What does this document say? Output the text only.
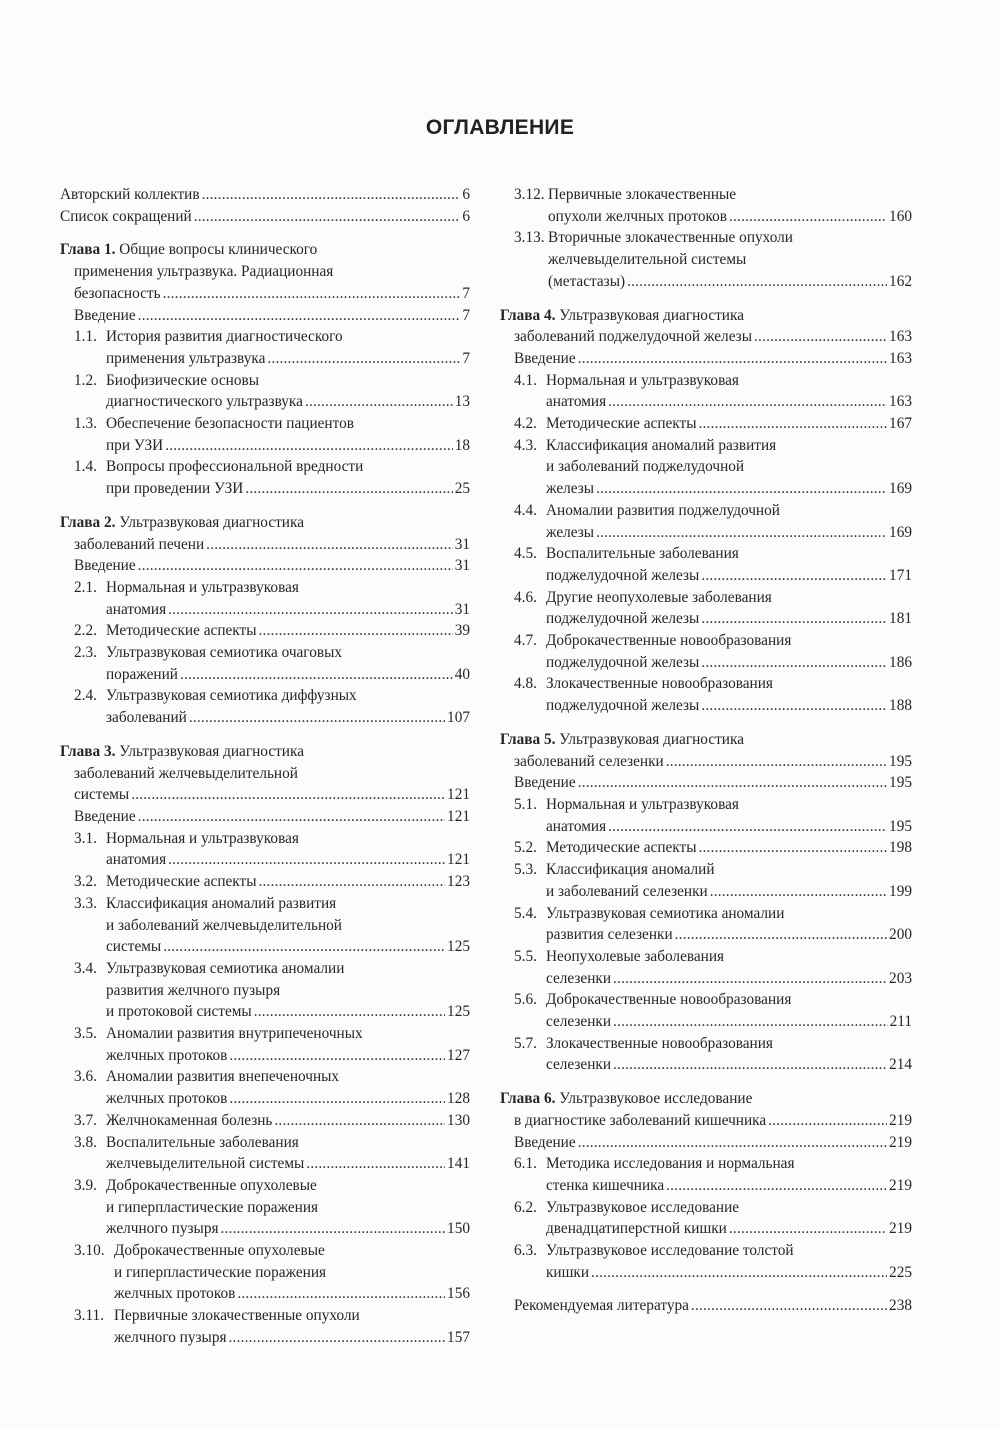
ОГЛАВЛЕНИЕ
Авторский коллектив .....	6
Список сокращений .....	6
Глава 1. Общие вопросы клинического
применения ультразвука. Радиационная
безопасность .....	7
Введение .....	7
1.1. История развития диагностического
применения ультразвука .....	7
1.2. Биофизические основы
диагностического ультразвука .....	13
1.3. Обеспечение безопасности пациентов
при УЗИ .....	18
1.4. Вопросы профессиональной вредности
при проведении УЗИ .....	25
Глава 2. Ультразвуковая диагностика
заболеваний печени .....	31
Введение .....	31
2.1. Нормальная и ультразвуковая
анатомия .....	31
2.2. Методические аспекты .....	39
2.3. Ультразвуковая семиотика очаговых
поражений .....	40
2.4. Ультразвуковая семиотика диффузных
заболеваний .....	107
Глава 3. Ультразвуковая диагностика
заболеваний желчевыделительной
системы .....	121
Введение .....	121
3.1. Нормальная и ультразвуковая
анатомия .....	121
3.2. Методические аспекты .....	123
3.3. Классификация аномалий развития
и заболеваний желчевыделительной
системы .....	125
3.4. Ультразвуковая семиотика аномалии
развития желчного пузыря
и протоковой системы .....	125
3.5. Аномалии развития внутрипеченочных
желчных протоков .....	127
3.6. Аномалии развития внепеченочных
желчных протоков .....	128
3.7. Желчнокаменная болезнь .....	130
3.8. Воспалительные заболевания
желчевыделительной системы .....	141
3.9. Доброкачественные опухолевые
и гиперпластические поражения
желчного пузыря .....	150
3.10. Доброкачественные опухолевые
и гиперпластические поражения
желчных протоков .....	156
3.11. Первичные злокачественные опухоли
желчного пузыря .....	157
3.12. Первичные злокачественные
опухоли желчных протоков .....	160
3.13. Вторичные злокачественные опухоли
желчевыделительной системы
(метастазы) .....	162
Глава 4. Ультразвуковая диагностика
заболеваний поджелудочной железы .....	163
Введение .....	163
4.1. Нормальная и ультразвуковая
анатомия .....	163
4.2. Методические аспекты .....	167
4.3. Классификация аномалий развития
и заболеваний поджелудочной
железы .....	169
4.4. Аномалии развития поджелудочной
железы .....	169
4.5. Воспалительные заболевания
поджелудочной железы .....	171
4.6. Другие неопухолевые заболевания
поджелудочной железы .....	181
4.7. Доброкачественные новообразования
поджелудочной железы .....	186
4.8. Злокачественные новообразования
поджелудочной железы .....	188
Глава 5. Ультразвуковая диагностика
заболеваний селезенки .....	195
Введение .....	195
5.1. Нормальная и ультразвуковая
анатомия .....	195
5.2. Методические аспекты .....	198
5.3. Классификация аномалий
и заболеваний селезенки .....	199
5.4. Ультразвуковая семиотика аномалии
развития селезенки .....	200
5.5. Неопухолевые заболевания
селезенки .....	203
5.6. Доброкачественные новообразования
селезенки .....	211
5.7. Злокачественные новообразования
селезенки .....	214
Глава 6. Ультразвуковое исследование
в диагностике заболеваний кишечника .....	219
Введение .....	219
6.1. Методика исследования и нормальная
стенка кишечника .....	219
6.2. Ультразвуковое исследование
двенадцатиперстной кишки .....	219
6.3. Ультразвуковое исследование толстой
кишки .....	225
Рекомендуемая литература .....	238
